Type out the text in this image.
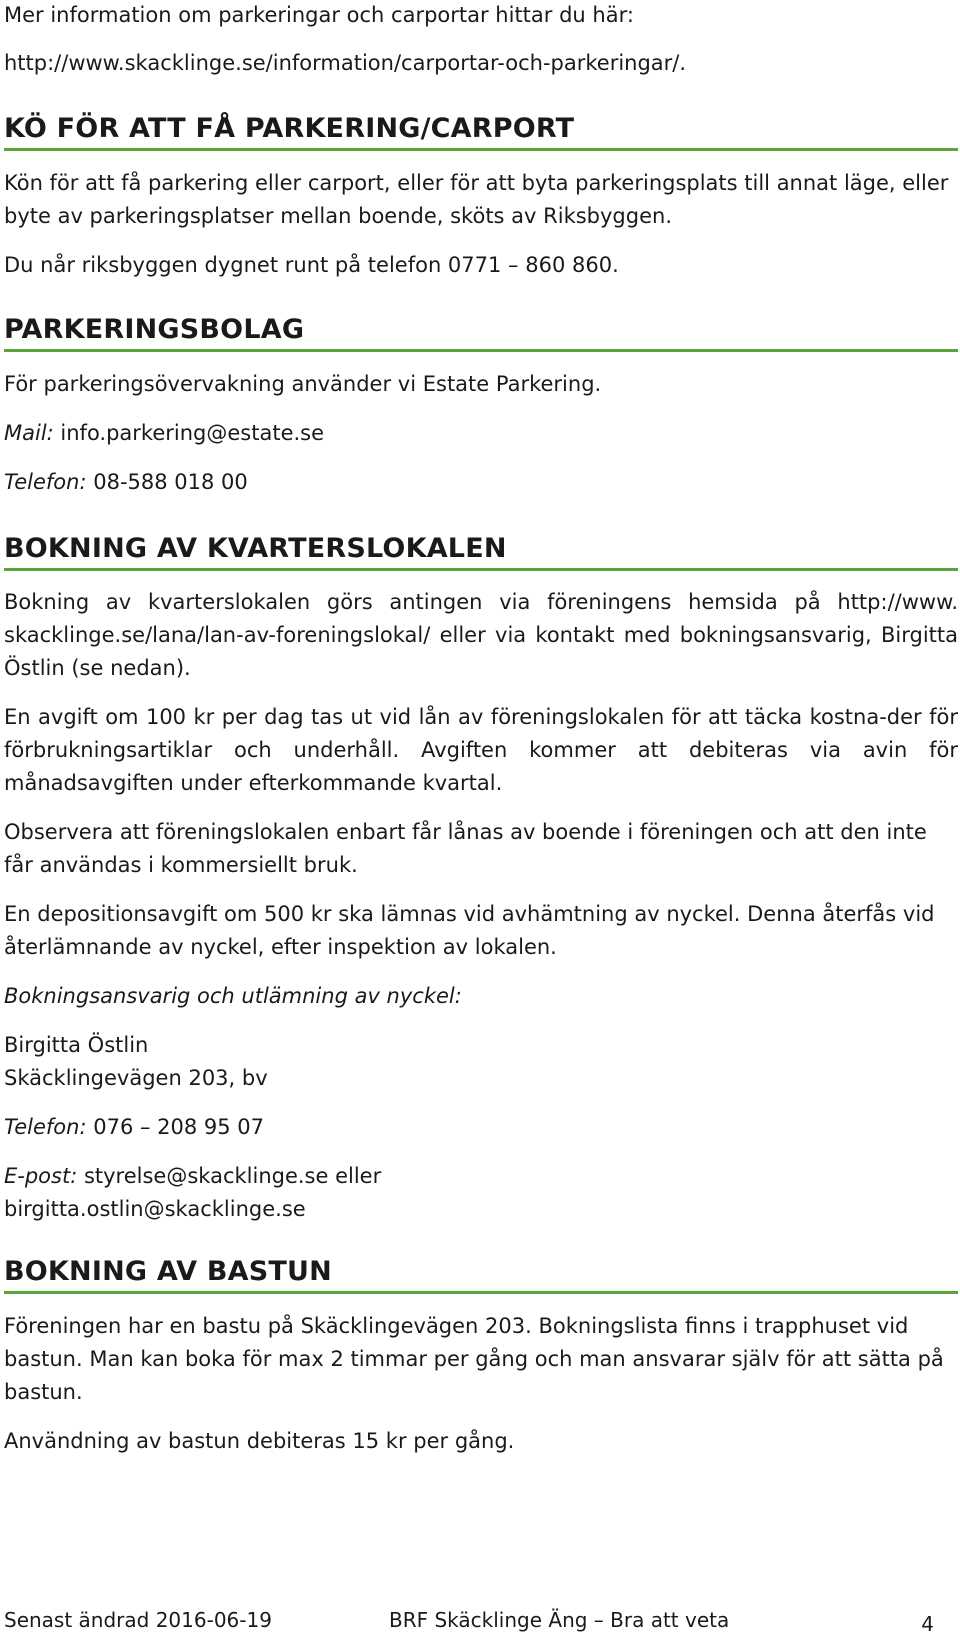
Mer information om parkeringar och carportar hittar du här:

http://www.skacklinge.se/information/carportar-och-parkeringar/.

KÖ FÖR ATT FÅ PARKERING/CARPORT

Kön för att få parkering eller carport, eller för att byta parkeringsplats till annat läge, eller byte av parkeringsplatser mellan boende, sköts av Riksbyggen.

Du når riksbyggen dygnet runt på telefon 0771 – 860 860.

PARKERINGSBOLAG

För parkeringsövervakning använder vi Estate Parkering.

Mail: info.parkering@estate.se

Telefon: 08-588 018 00

BOKNING AV KVARTERSLOKALEN

Bokning av kvarterslokalen görs antingen via föreningens hemsida på http://www. skacklinge.se/lana/lan-av-foreningslokal/ eller via kontakt med bokningsansvarig, Birgitta Östlin (se nedan).

En avgift om 100 kr per dag tas ut vid lån av föreningslokalen för att täcka kostna-der för förbrukningsartiklar och underhåll. Avgiften kommer att debiteras via avin för månadsavgiften under efterkommande kvartal.

Observera att föreningslokalen enbart får lånas av boende i föreningen och att den inte får användas i kommersiellt bruk.

En depositionsavgift om 500 kr ska lämnas vid avhämtning av nyckel. Denna återfås vid återlämnande av nyckel, efter inspektion av lokalen.

Bokningsansvarig och utlämning av nyckel:

Birgitta Östlin

Skäcklingevägen 203, bv

Telefon: 076 – 208 95 07

E-post: styrelse@skacklinge.se eller

birgitta.ostlin@skacklinge.se

BOKNING AV BASTUN

Föreningen har en bastu på Skäcklingevägen 203. Bokningslista finns i trapphuset vid bastun. Man kan boka för max 2 timmar per gång och man ansvarar själv för att sätta på bastun.

Användning av bastun debiteras 15 kr per gång.

Senast ändrad 2016-06-19	BRF Skäcklinge Äng – Bra att veta	4
